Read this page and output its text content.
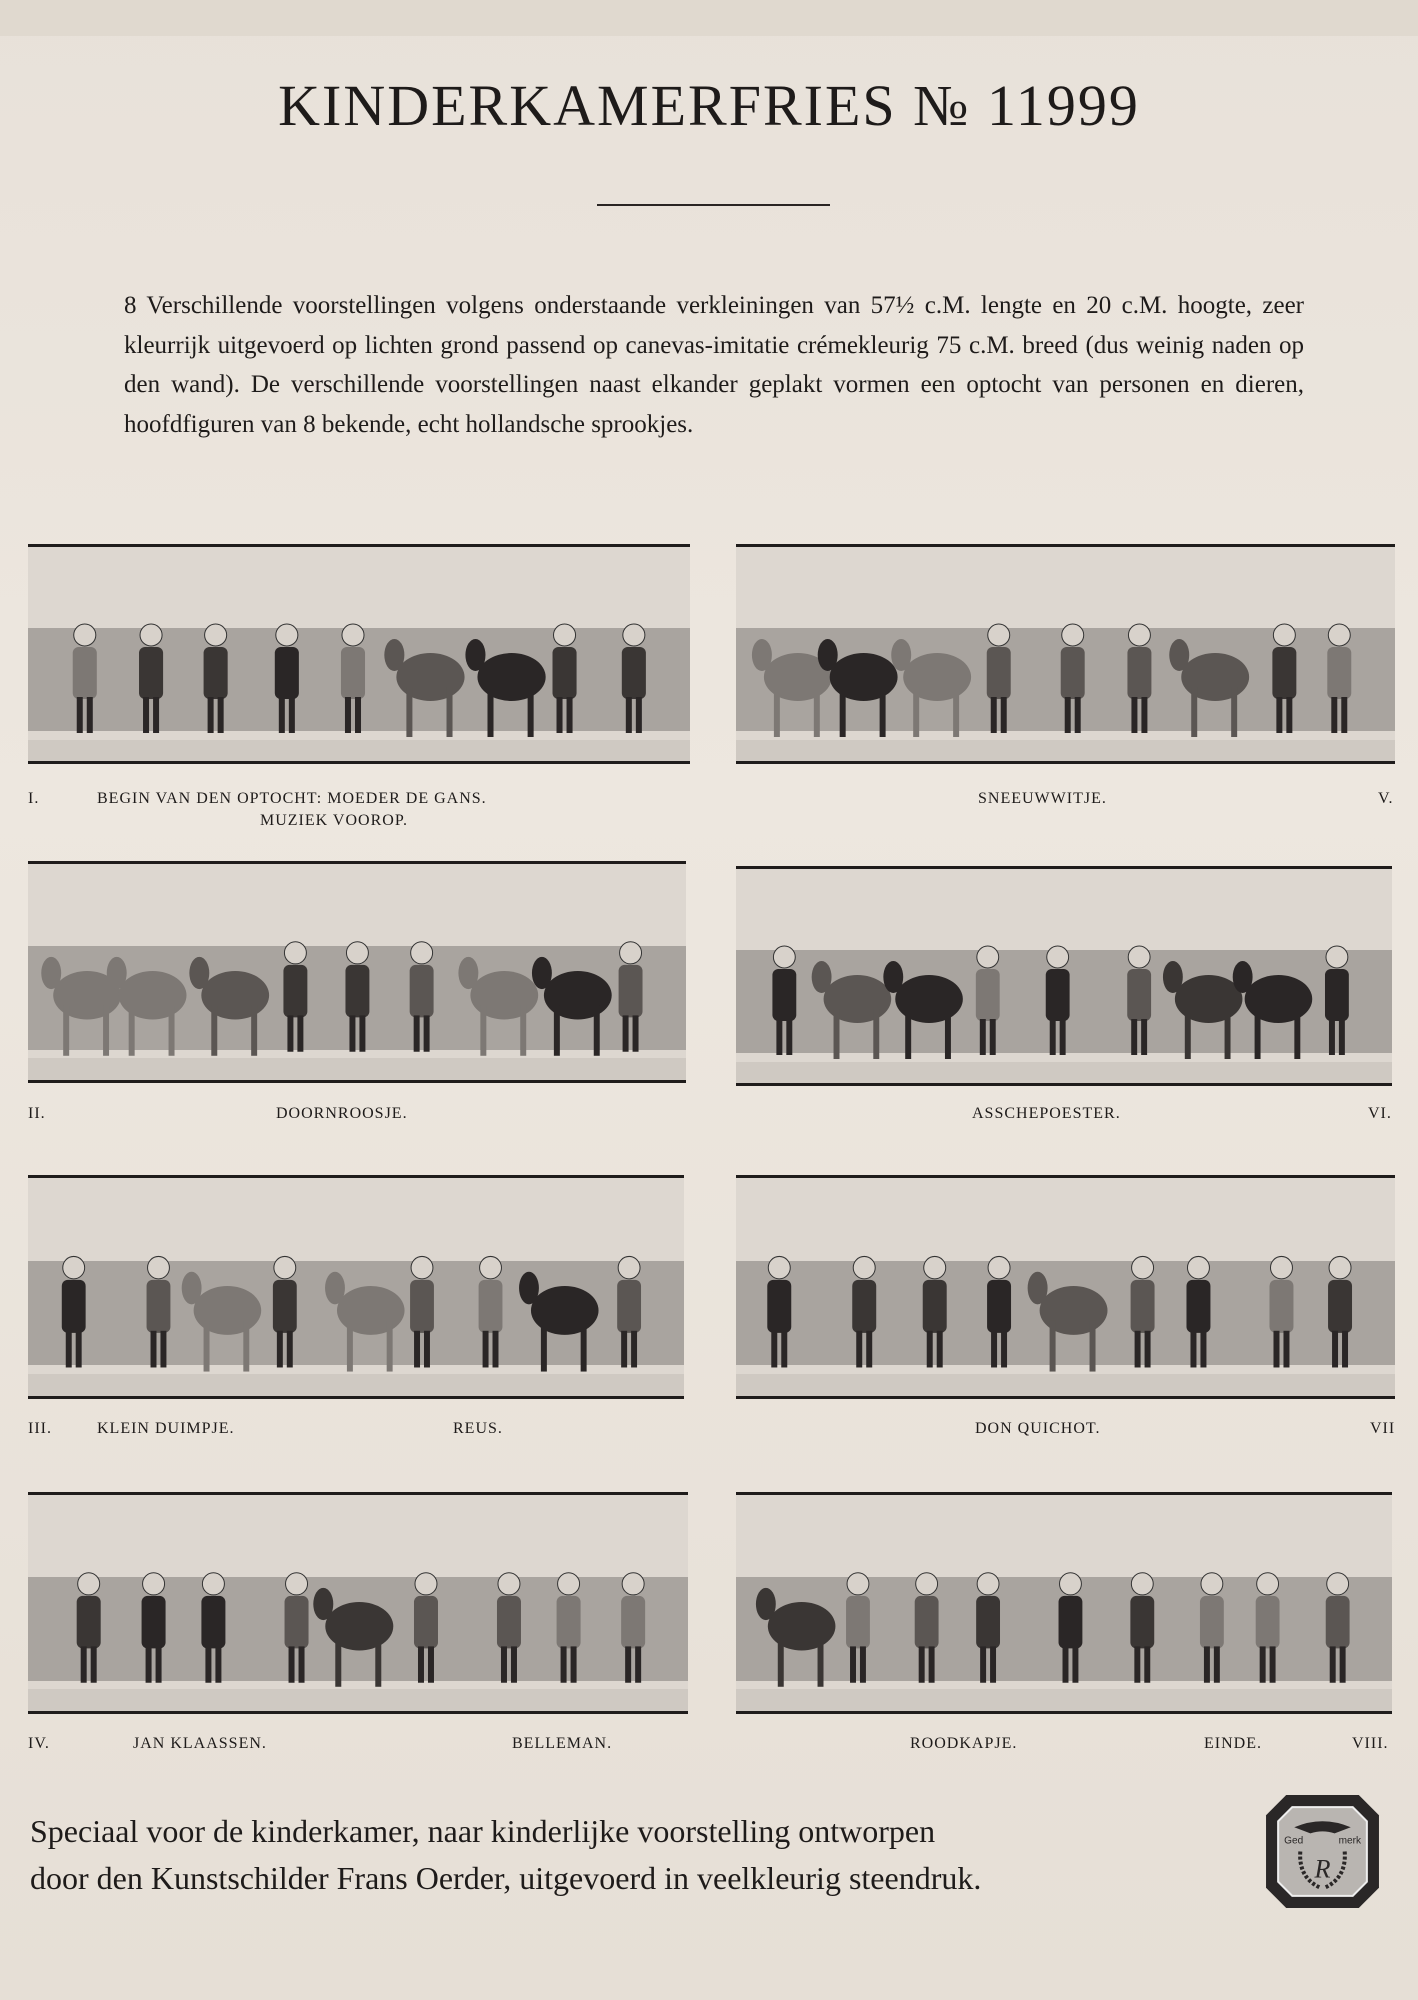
KINDERKAMERFRIES № 11999
8 Verschillende voorstellingen volgens onderstaande verkleiningen van 57½ c.M. lengte en 20 c.M. hoogte, zeer kleurrijk uitgevoerd op lichten grond passend op canevas-imitatie crémekleurig 75 c.M. breed (dus weinig naden op den wand). De verschillende voorstellingen naast elkander geplakt vormen een optocht van personen en dieren, hoofdfiguren van 8 bekende, echt hollandsche sprookjes.
I.	BEGIN VAN DEN OPTOCHT: MOEDER DE GANS.
MUZIEK VOOROP.
SNEEUWWITJE.	V.
II.	DOORNROOSJE.	ASSCHEPOESTER.	VI.
III.	KLEIN DUIMPJE.	REUS.	DON QUICHOT.	VII
IV.	JAN KLAASSEN.	BELLEMAN.	ROODKAPJE.	EINDE.	VIII.
Speciaal voor de kinderkamer, naar kinderlijke voorstelling ontworpen
door den Kunstschilder Frans Oerder, uitgevoerd in veelkleurig steendruk.
Ged	merk
R
